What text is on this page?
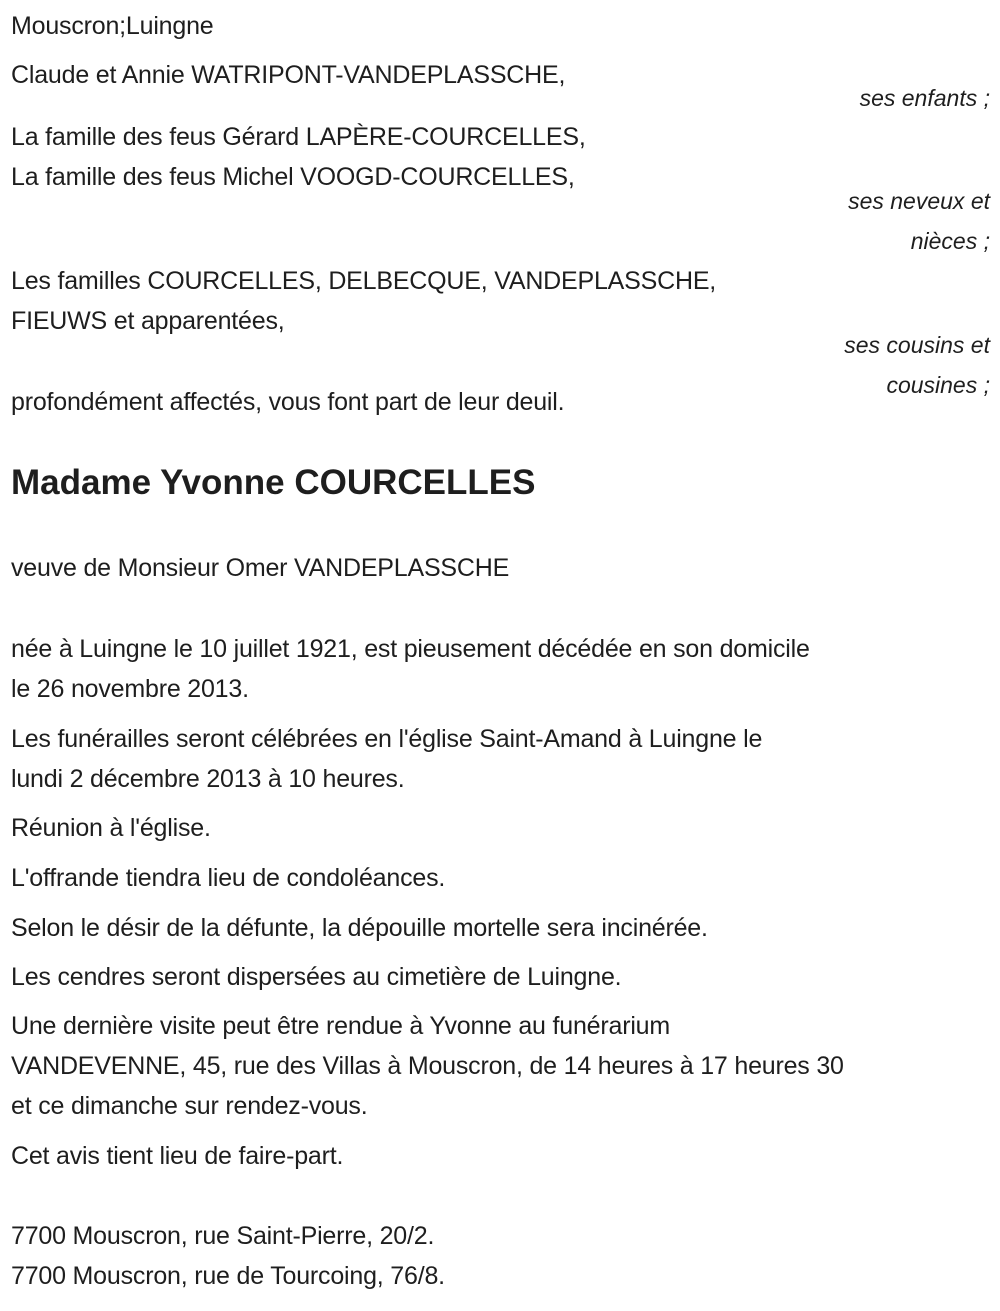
Mouscron;Luingne
Claude et Annie WATRIPONT-VANDEPLASSCHE,
ses enfants ;
La famille des feus Gérard LAPÈRE-COURCELLES,
La famille des feus Michel VOOGD-COURCELLES,
ses neveux et
nièces ;
Les familles COURCELLES, DELBECQUE, VANDEPLASSCHE,
FIEUWS et apparentées,
ses cousins et
cousines ;
profondément affectés, vous font part de leur deuil.
Madame Yvonne COURCELLES
veuve de Monsieur Omer VANDEPLASSCHE
née à Luingne le 10 juillet 1921, est pieusement décédée en son domicile
le 26 novembre 2013.
Les funérailles seront célébrées en l'église Saint-Amand à Luingne le
lundi 2 décembre 2013 à 10 heures.
Réunion à l'église.
L'offrande tiendra lieu de condoléances.
Selon le désir de la défunte, la dépouille mortelle sera incinérée.
Les cendres seront dispersées au cimetière de Luingne.
Une dernière visite peut être rendue à Yvonne au funérarium
VANDEVENNE, 45, rue des Villas à Mouscron, de 14 heures à 17 heures 30
et ce dimanche sur rendez-vous.
Cet avis tient lieu de faire-part.
7700 Mouscron, rue Saint-Pierre, 20/2.
7700 Mouscron, rue de Tourcoing, 76/8.
